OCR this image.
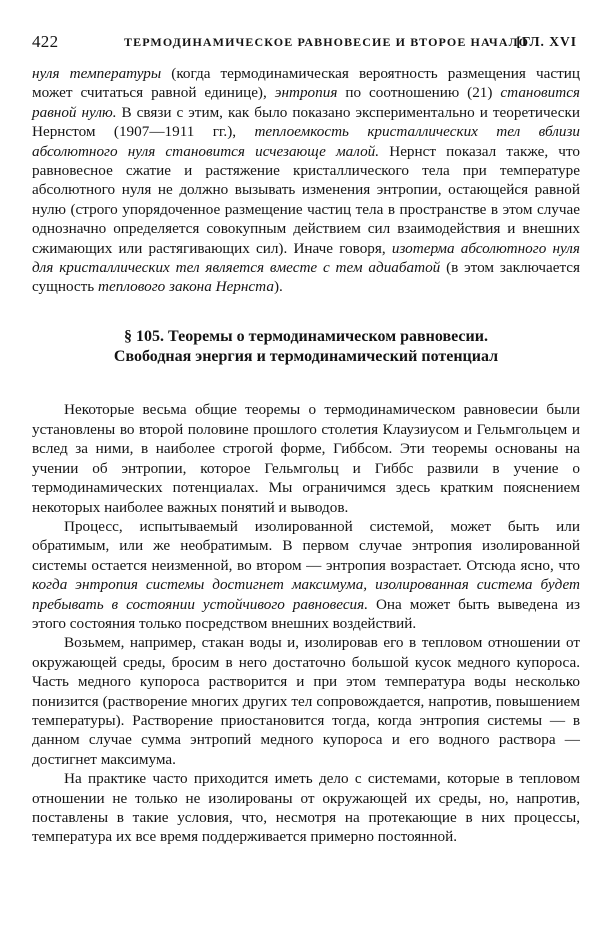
422	ТЕРМОДИНАМИЧЕСКОЕ РАВНОВЕСИЕ И ВТОРОЕ НАЧАЛО
[ГЛ. XVI

нуля температуры (когда термодинамическая вероятность размещения частиц может считаться равной единице), энтропия по соотношению (21) становится равной нулю. В связи с этим, как было показано экспериментально и теоретически Нернстом (1907—1911 гг.), теплоемкость кристаллических тел вблизи абсолютного нуля становится исчезающе малой. Нернст показал также, что равновесное сжатие и растяжение кристаллического тела при температуре абсолютного нуля не должно вызывать изменения энтропии, остающейся равной нулю (строго упорядоченное размещение частиц тела в пространстве в этом случае однозначно определяется совокупным действием сил взаимодействия и внешних сжимающих или растягивающих сил). Иначе говоря, изотерма абсолютного нуля для кристаллических тел является вместе с тем адиабатой (в этом заключается сущность теплового закона Нернста).

§ 105. Теоремы о термодинамическом равновесии.
Свободная энергия и термодинамический потенциал

Некоторые весьма общие теоремы о термодинамическом равновесии были установлены во второй половине прошлого столетия Клаузиусом и Гельмгольцем и вслед за ними, в наиболее строгой форме, Гиббсом. Эти теоремы основаны на учении об энтропии, которое Гельмгольц и Гиббс развили в учение о термодинамических потенциалах. Мы ограничимся здесь кратким пояснением некоторых наиболее важных понятий и выводов.

Процесс, испытываемый изолированной системой, может быть или обратимым, или же необратимым. В первом случае энтропия изолированной системы остается неизменной, во втором — энтропия возрастает. Отсюда ясно, что когда энтропия системы достигнет максимума, изолированная система будет пребывать в состоянии устойчивого равновесия. Она может быть выведена из этого состояния только посредством внешних воздействий.

Возьмем, например, стакан воды и, изолировав его в тепловом отношении от окружающей среды, бросим в него достаточно большой кусок медного купороса. Часть медного купороса растворится и при этом температура воды несколько понизится (растворение многих других тел сопровождается, напротив, повышением температуры). Растворение приостановится тогда, когда энтропия системы — в данном случае сумма энтропий медного купороса и его водного раствора — достигнет максимума.

На практике часто приходится иметь дело с системами, которые в тепловом отношении не только не изолированы от окружающей их среды, но, напротив, поставлены в такие условия, что, несмотря на протекающие в них процессы, температура их все время поддерживается примерно постоянной.
